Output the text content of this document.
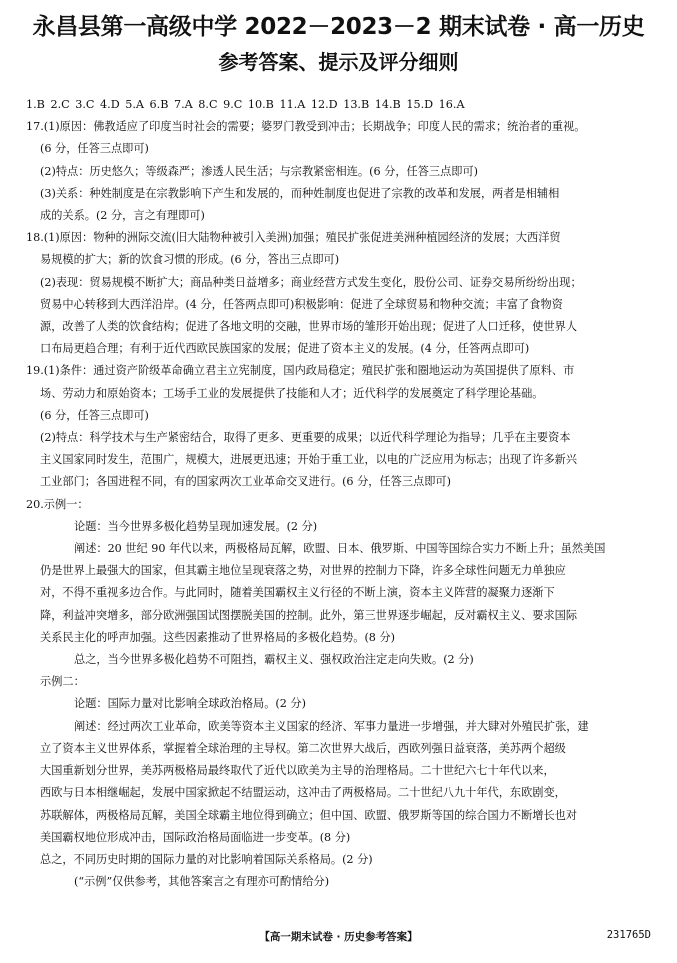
永昌县第一高级中学 2022－2023－2 期末试卷 · 高一历史
参考答案、提示及评分细则
1.B 2.C 3.C 4.D 5.A 6.B 7.A 8.C 9.C 10.B 11.A 12.D 13.B 14.B 15.D 16.A
17.(1)原因：佛教适应了印度当时社会的需要；婆罗门教受到冲击；长期战争；印度人民的需求；统治者的重视。
(6 分，任答三点即可)
(2)特点：历史悠久；等级森严；渗透人民生活；与宗教紧密相连。(6 分，任答三点即可)
(3)关系：种姓制度是在宗教影响下产生和发展的，而种姓制度也促进了宗教的改革和发展，两者是相辅相
成的关系。(2 分，言之有理即可)
18.(1)原因：物种的洲际交流(旧大陆物种被引入美洲)加强；殖民扩张促进美洲种植园经济的发展；大西洋贸
易规模的扩大；新的饮食习惯的形成。(6 分，答出三点即可)
(2)表现：贸易规模不断扩大；商品种类日益增多；商业经营方式发生变化，股份公司、证券交易所纷纷出现；
贸易中心转移到大西洋沿岸。(4 分，任答两点即可)积极影响：促进了全球贸易和物种交流；丰富了食物资
源，改善了人类的饮食结构；促进了各地文明的交融，世界市场的雏形开始出现；促进了人口迁移，使世界人
口布局更趋合理；有利于近代西欧民族国家的发展；促进了资本主义的发展。(4 分，任答两点即可)
19.(1)条件：通过资产阶级革命确立君主立宪制度，国内政局稳定；殖民扩张和圈地运动为英国提供了原料、市
场、劳动力和原始资本；工场手工业的发展提供了技能和人才；近代科学的发展奠定了科学理论基础。
(6 分，任答三点即可)
(2)特点：科学技术与生产紧密结合，取得了更多、更重要的成果；以近代科学理论为指导；几乎在主要资本
主义国家同时发生，范围广，规模大，进展更迅速；开始于重工业，以电的广泛应用为标志；出现了许多新兴
工业部门；各国进程不同，有的国家两次工业革命交叉进行。(6 分，任答三点即可)
20.示例一：
论题：当今世界多极化趋势呈现加速发展。(2 分)
阐述：20 世纪 90 年代以来，两极格局瓦解，欧盟、日本、俄罗斯、中国等国综合实力不断上升；虽然美国
仍是世界上最强大的国家，但其霸主地位呈现衰落之势，对世界的控制力下降，许多全球性问题无力单独应
对，不得不重视多边合作。与此同时，随着美国霸权主义行径的不断上演，资本主义阵营的凝聚力逐渐下
降，利益冲突增多，部分欧洲强国试图摆脱美国的控制。此外，第三世界逐步崛起，反对霸权主义、要求国际
关系民主化的呼声加强。这些因素推动了世界格局的多极化趋势。(8 分)
总之，当今世界多极化趋势不可阻挡，霸权主义、强权政治注定走向失败。(2 分)
示例二：
论题：国际力量对比影响全球政治格局。(2 分)
阐述：经过两次工业革命，欧美等资本主义国家的经济、军事力量进一步增强，并大肆对外殖民扩张，建
立了资本主义世界体系，掌握着全球治理的主导权。第二次世界大战后，西欧列强日益衰落，美苏两个超级
大国重新划分世界，美苏两极格局最终取代了近代以欧美为主导的治理格局。二十世纪六七十年代以来，
西欧与日本相继崛起，发展中国家掀起不结盟运动，这冲击了两极格局。二十世纪八九十年代，东欧剧变，
苏联解体，两极格局瓦解，美国全球霸主地位得到确立；但中国、欧盟、俄罗斯等国的综合国力不断增长也对
美国霸权地位形成冲击，国际政治格局面临进一步变革。(8 分)
总之，不同历史时期的国际力量的对比影响着国际关系格局。(2 分)
(“示例”仅供参考，其他答案言之有理亦可酌情给分)
【高一期末试卷 · 历史参考答案】	231765D
